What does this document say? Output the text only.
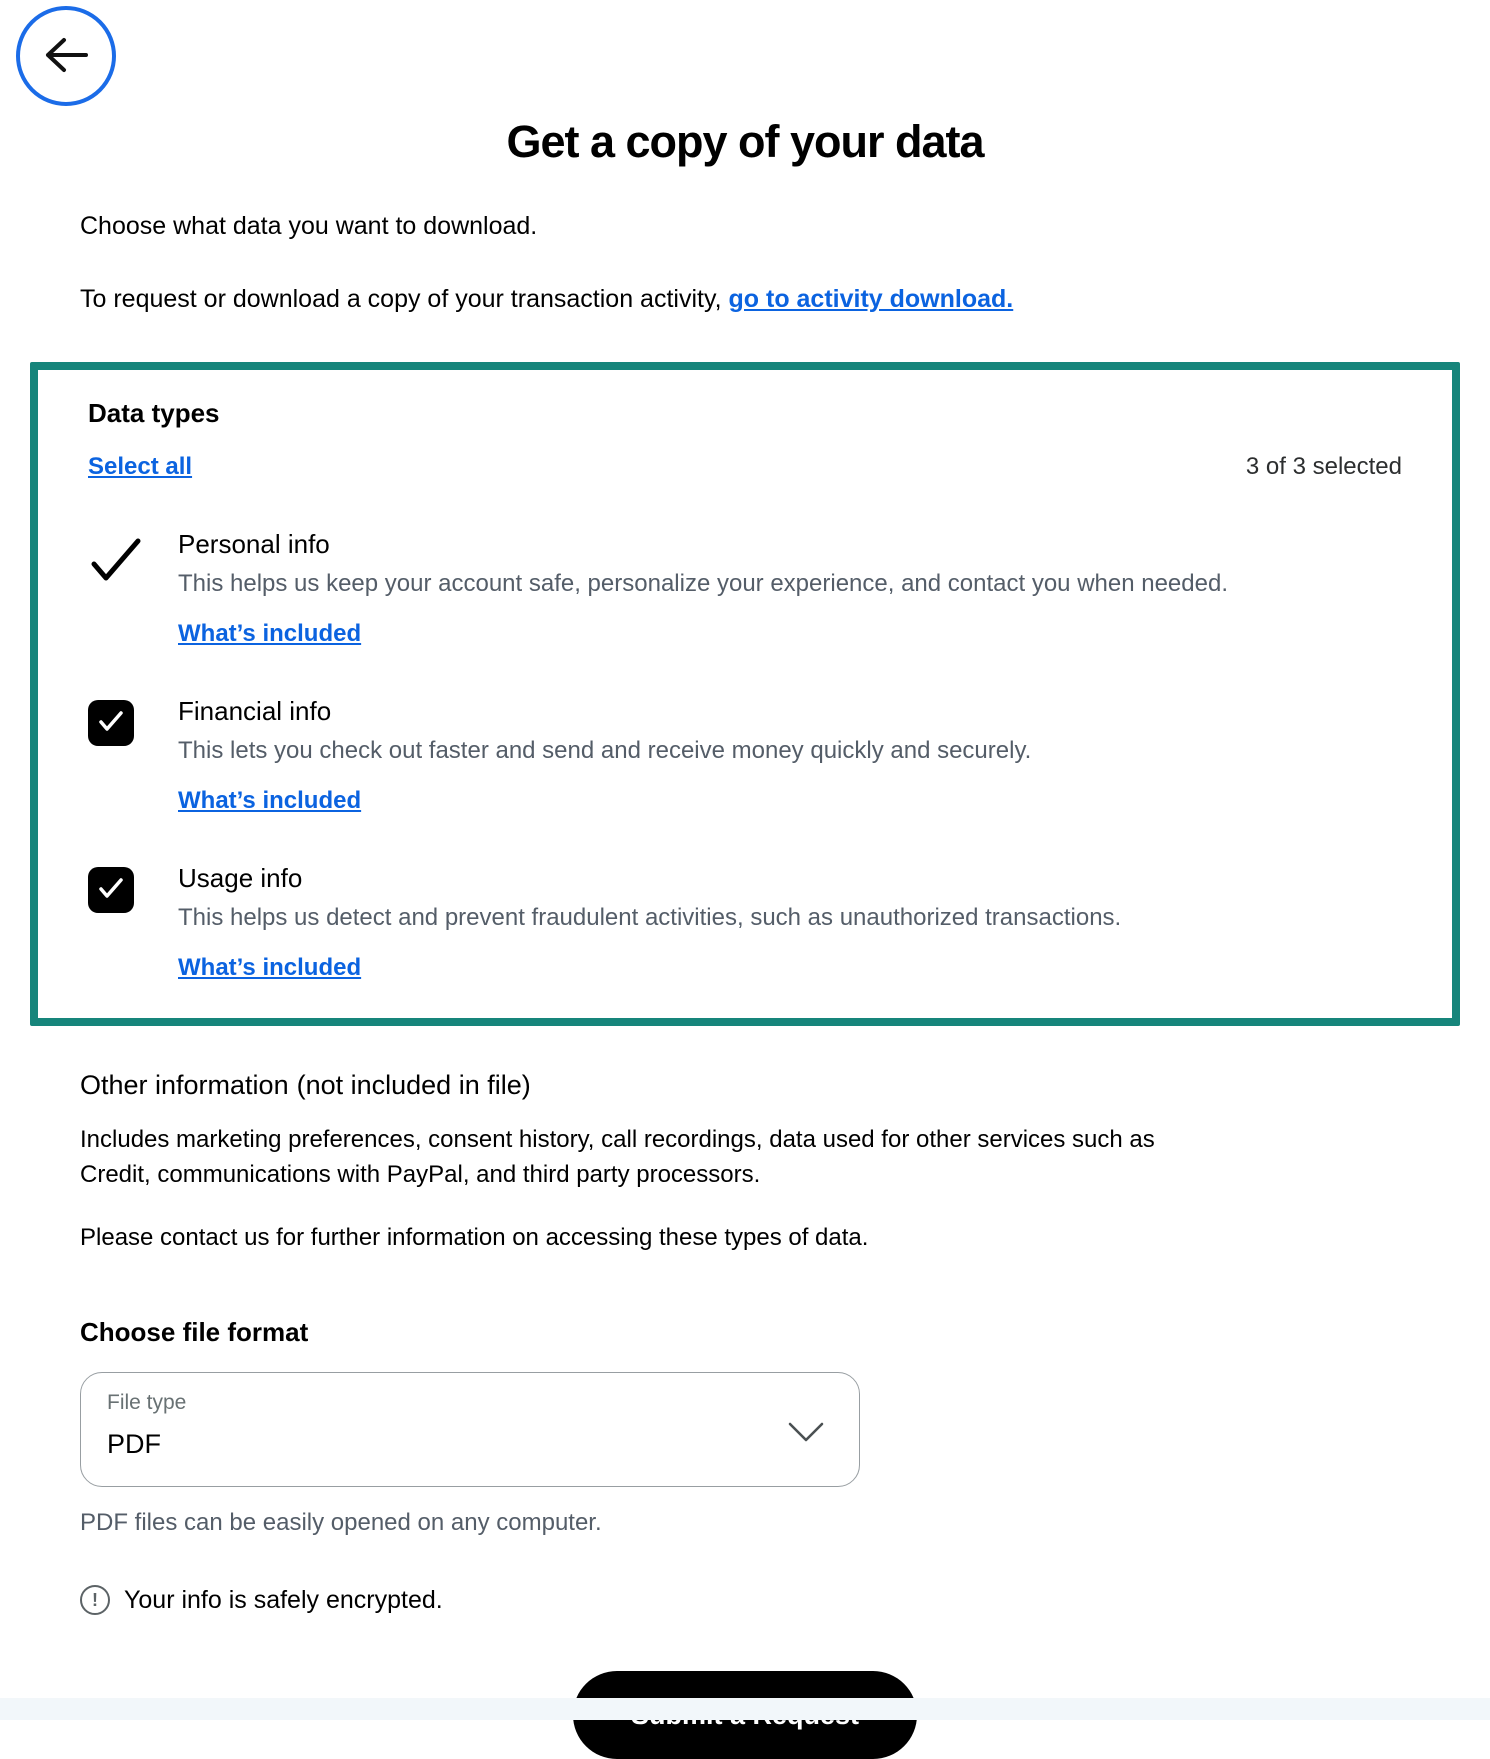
Get a copy of your data

Choose what data you want to download.

To request or download a copy of your transaction activity, go to activity download.

Data types
Select all	3 of 3 selected
Personal info
This helps us keep your account safe, personalize your experience, and contact you when needed.
What’s included
Financial info
This lets you check out faster and send and receive money quickly and securely.
What’s included
Usage info
This helps us detect and prevent fraudulent activities, such as unauthorized transactions.
What’s included
Other information (not included in file)

Includes marketing preferences, consent history, call recordings, data used for other services such as Credit, communications with PayPal, and third party processors.

Please contact us for further information on accessing these types of data.

Choose file format
File type
PDF

PDF files can be easily opened on any computer.

!	Your info is safely encrypted.
